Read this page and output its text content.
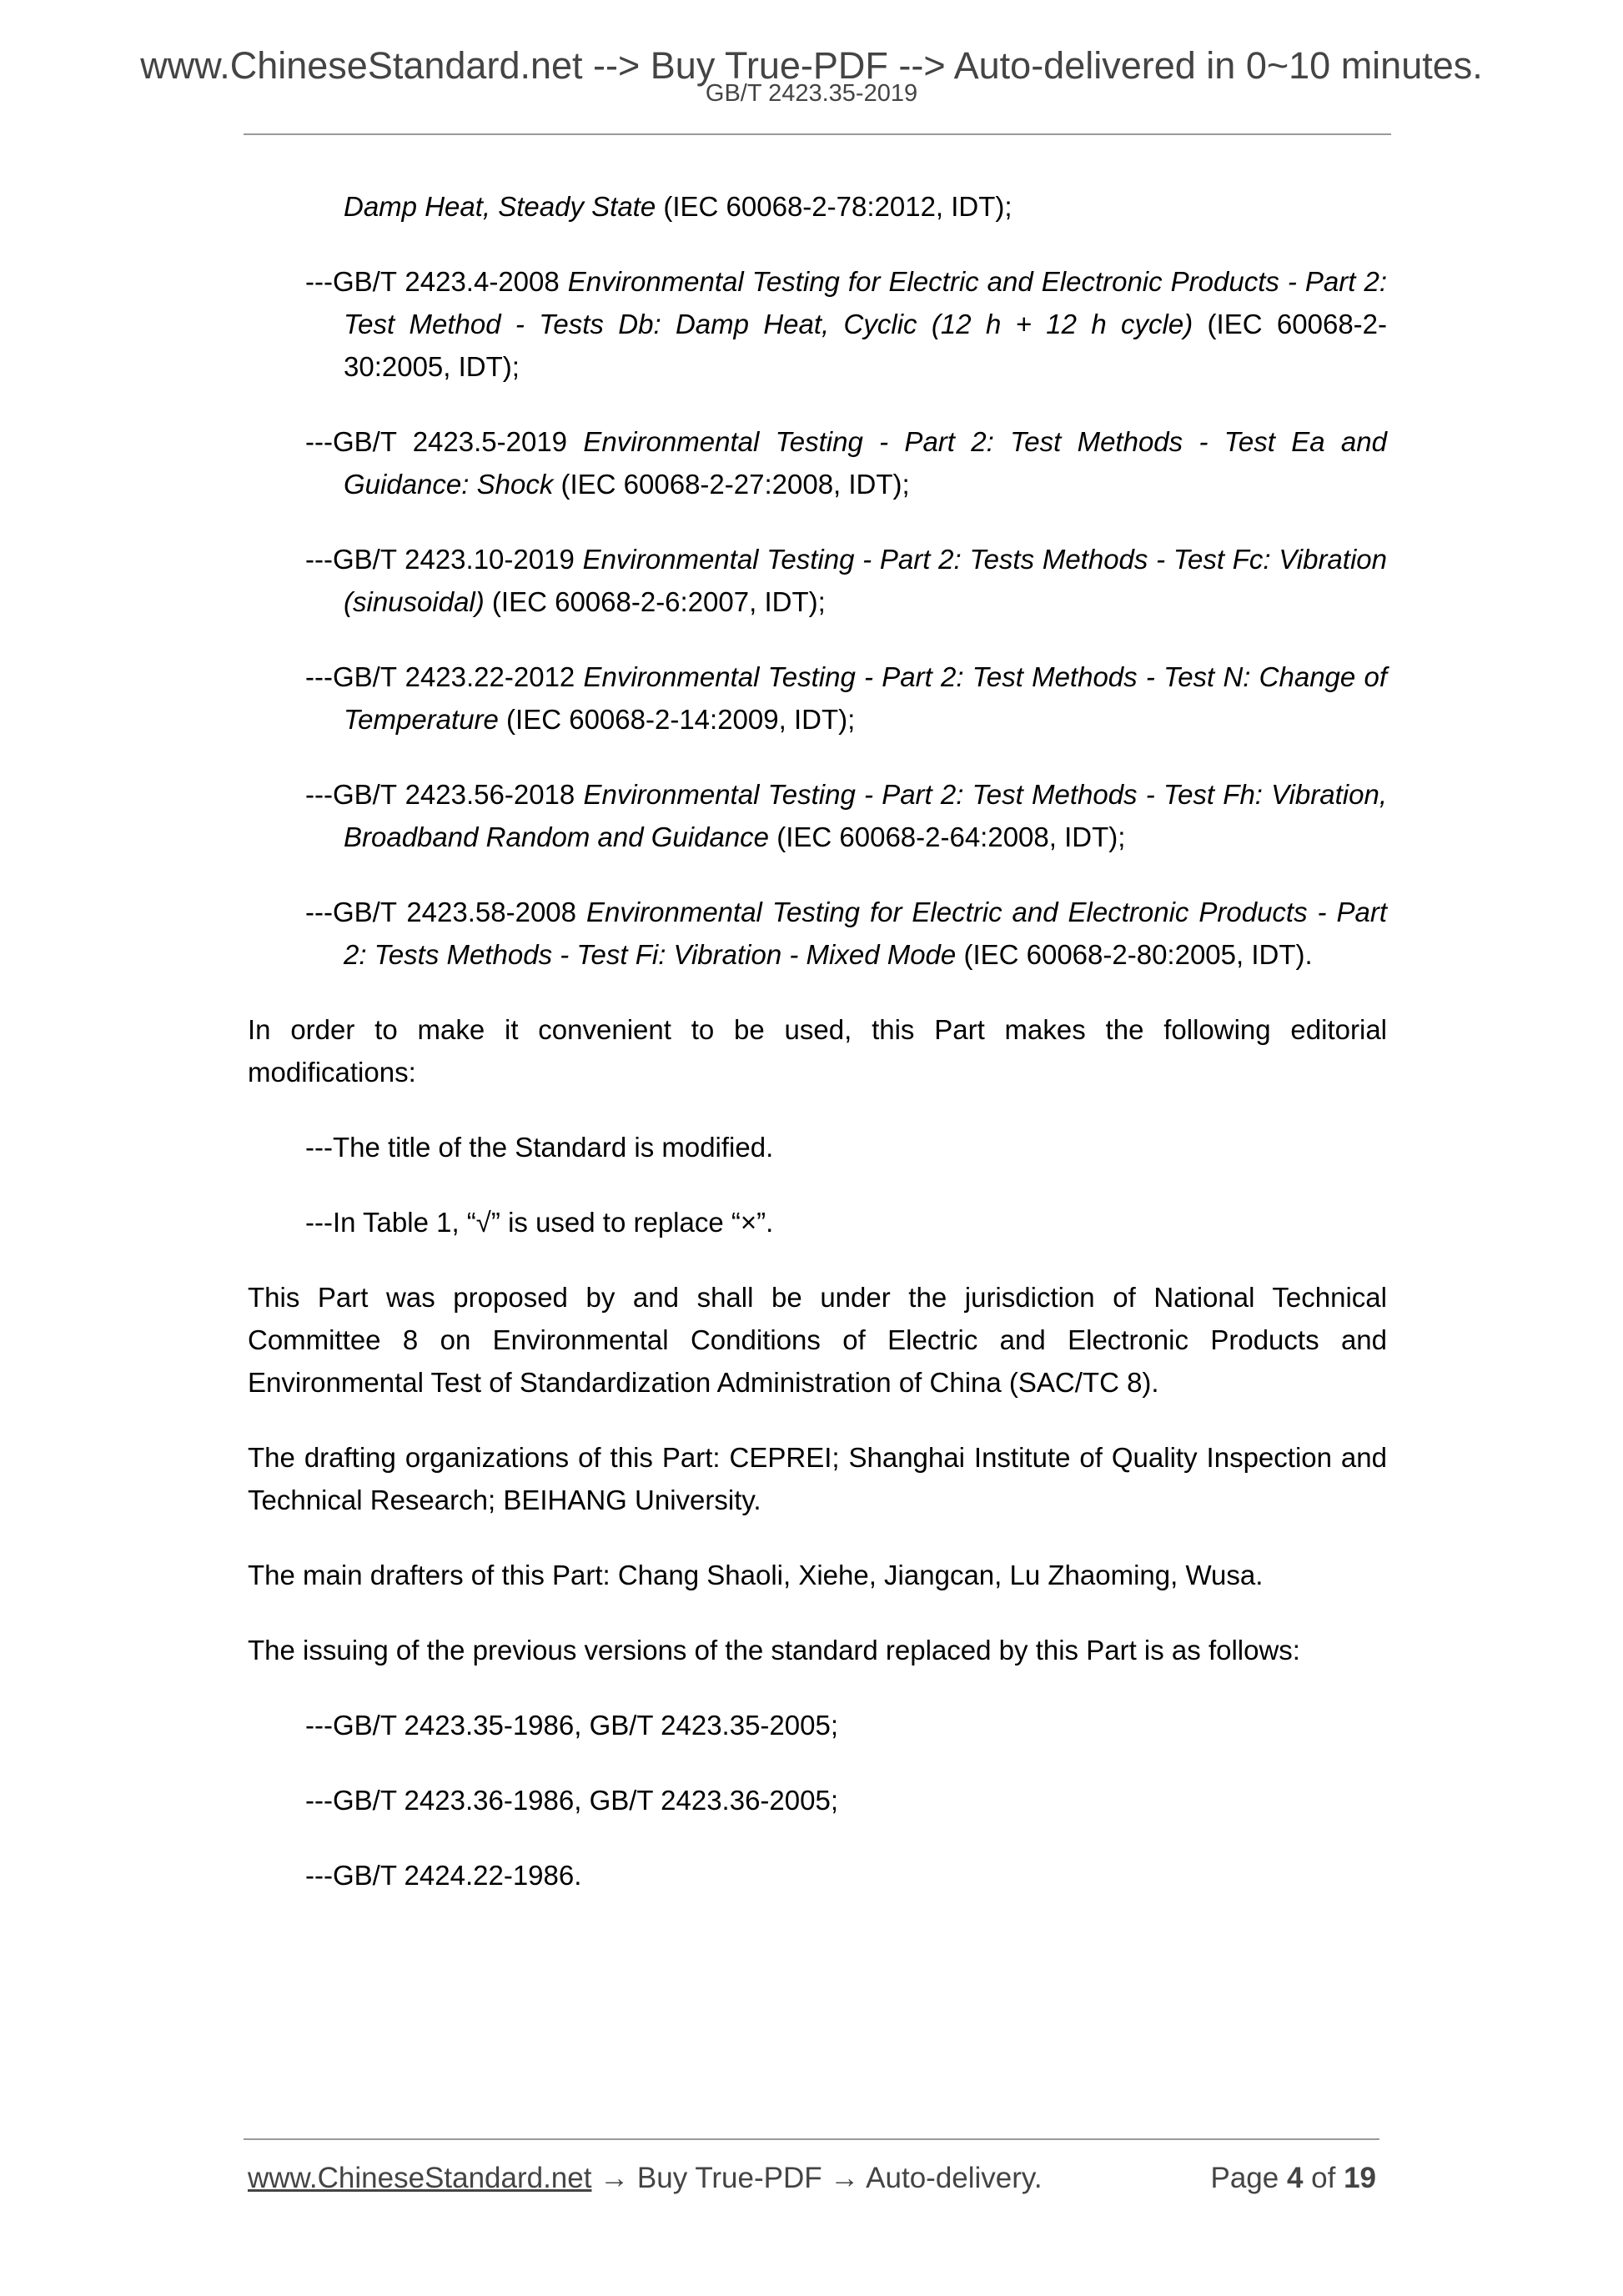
www.ChineseStandard.net --> Buy True-PDF --> Auto-delivered in 0~10 minutes.
GB/T 2423.35-2019

Damp Heat, Steady State (IEC 60068-2-78:2012, IDT);

---GB/T 2423.4-2008 Environmental Testing for Electric and Electronic Products - Part 2: Test Method - Tests Db: Damp Heat, Cyclic (12 h + 12 h cycle) (IEC 60068-2-30:2005, IDT);

---GB/T 2423.5-2019 Environmental Testing - Part 2: Test Methods - Test Ea and Guidance: Shock (IEC 60068-2-27:2008, IDT);

---GB/T 2423.10-2019 Environmental Testing - Part 2: Tests Methods - Test Fc: Vibration (sinusoidal) (IEC 60068-2-6:2007, IDT);

---GB/T 2423.22-2012 Environmental Testing - Part 2: Test Methods - Test N: Change of Temperature (IEC 60068-2-14:2009, IDT);

---GB/T 2423.56-2018 Environmental Testing - Part 2: Test Methods - Test Fh: Vibration, Broadband Random and Guidance (IEC 60068-2-64:2008, IDT);

---GB/T 2423.58-2008 Environmental Testing for Electric and Electronic Products - Part 2: Tests Methods - Test Fi: Vibration - Mixed Mode (IEC 60068-2-80:2005, IDT).

In order to make it convenient to be used, this Part makes the following editorial modifications:

---The title of the Standard is modified.

---In Table 1, “√” is used to replace “×”.

This Part was proposed by and shall be under the jurisdiction of National Technical Committee 8 on Environmental Conditions of Electric and Electronic Products and Environmental Test of Standardization Administration of China (SAC/TC 8).

The drafting organizations of this Part: CEPREI; Shanghai Institute of Quality Inspection and Technical Research; BEIHANG University.

The main drafters of this Part: Chang Shaoli, Xiehe, Jiangcan, Lu Zhaoming, Wusa.

The issuing of the previous versions of the standard replaced by this Part is as follows:

---GB/T 2423.35-1986, GB/T 2423.35-2005;

---GB/T 2423.36-1986, GB/T 2423.36-2005;

---GB/T 2424.22-1986.

www.ChineseStandard.net → Buy True-PDF → Auto-delivery.	Page 4 of 19
